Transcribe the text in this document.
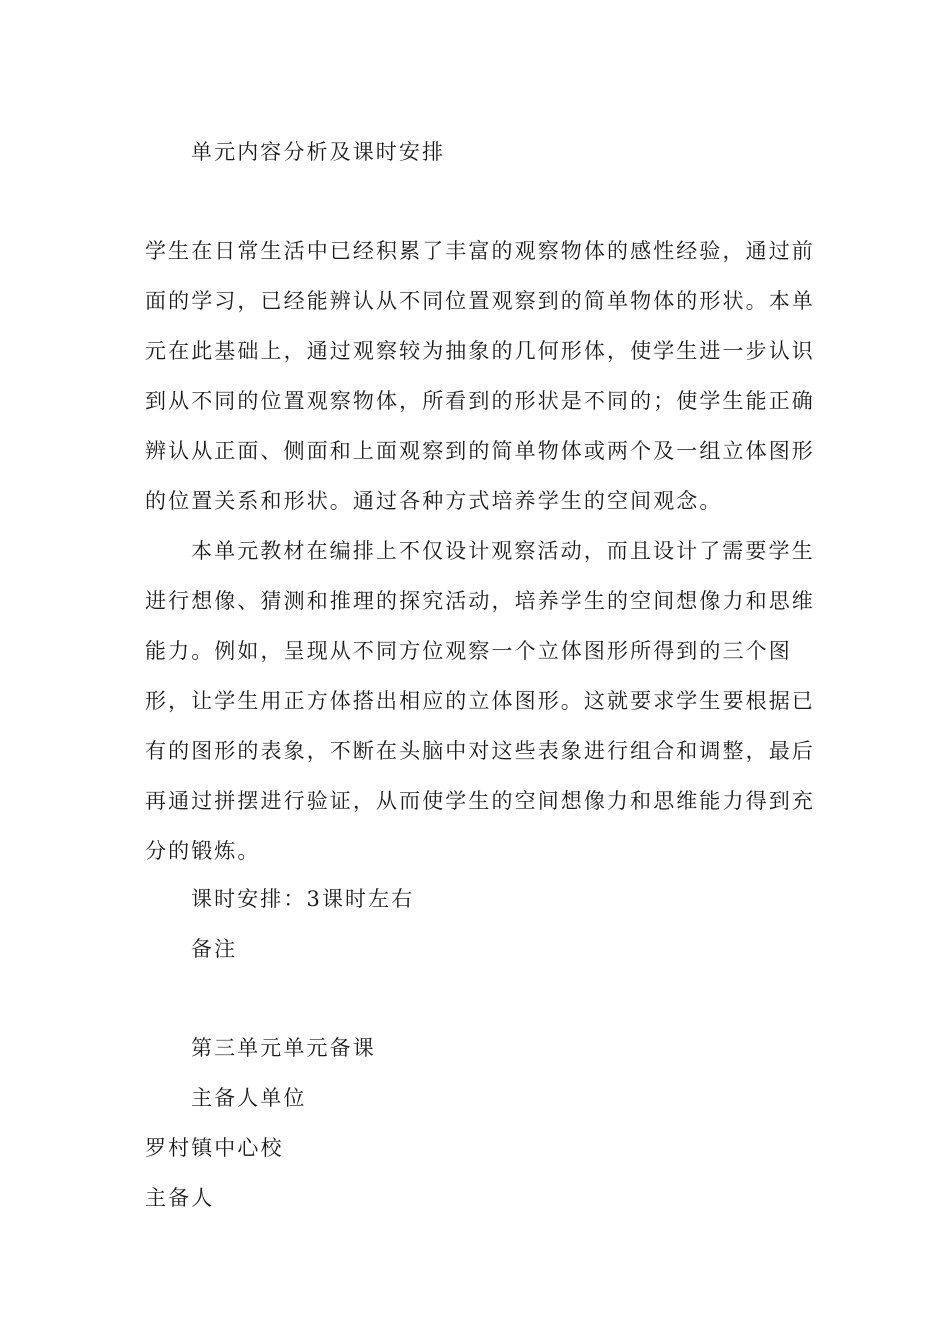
单元内容分析及课时安排
学生在日常生活中已经积累了丰富的观察物体的感性经验，通过前
面的学习，已经能辨认从不同位置观察到的简单物体的形状。本单
元在此基础上，通过观察较为抽象的几何形体，使学生进一步认识
到从不同的位置观察物体，所看到的形状是不同的；使学生能正确
辨认从正面、侧面和上面观察到的简单物体或两个及一组立体图形
的位置关系和形状。通过各种方式培养学生的空间观念。
本单元教材在编排上不仅设计观察活动，而且设计了需要学生
进行想像、猜测和推理的探究活动，培养学生的空间想像力和思维
能力。例如，呈现从不同方位观察一个立体图形所得到的三个图
形，让学生用正方体搭出相应的立体图形。这就要求学生要根据已
有的图形的表象，不断在头脑中对这些表象进行组合和调整，最后
再通过拼摆进行验证，从而使学生的空间想像力和思维能力得到充
分的锻炼。
课时安排：3课时左右
备注
第三单元单元备课
主备人单位
罗村镇中心校
主备人
